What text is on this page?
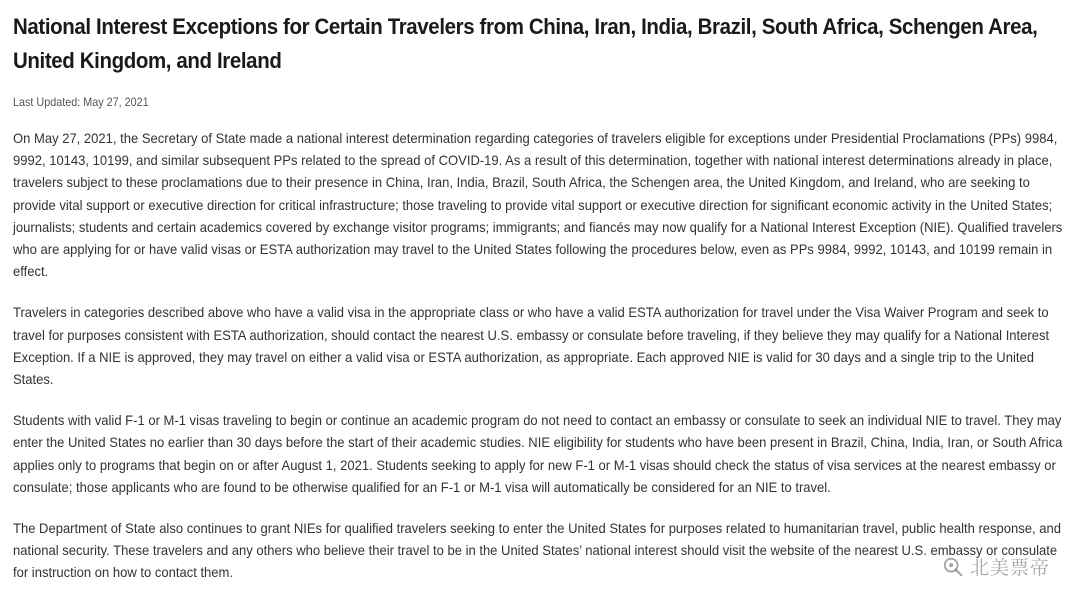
National Interest Exceptions for Certain Travelers from China, Iran, India, Brazil, South Africa, Schengen Area, United Kingdom, and Ireland
Last Updated: May 27, 2021

On May 27, 2021, the Secretary of State made a national interest determination regarding categories of travelers eligible for exceptions under Presidential Proclamations (PPs) 9984, 9992, 10143, 10199, and similar subsequent PPs related to the spread of COVID-19. As a result of this determination, together with national interest determinations already in place, travelers subject to these proclamations due to their presence in China, Iran, India, Brazil, South Africa, the Schengen area, the United Kingdom, and Ireland, who are seeking to provide vital support or executive direction for critical infrastructure; those traveling to provide vital support or executive direction for significant economic activity in the United States; journalists; students and certain academics covered by exchange visitor programs; immigrants; and fiancés may now qualify for a National Interest Exception (NIE). Qualified travelers who are applying for or have valid visas or ESTA authorization may travel to the United States following the procedures below, even as PPs 9984, 9992, 10143, and 10199 remain in effect.

Travelers in categories described above who have a valid visa in the appropriate class or who have a valid ESTA authorization for travel under the Visa Waiver Program and seek to travel for purposes consistent with ESTA authorization, should contact the nearest U.S. embassy or consulate before traveling, if they believe they may qualify for a National Interest Exception. If a NIE is approved, they may travel on either a valid visa or ESTA authorization, as appropriate. Each approved NIE is valid for 30 days and a single trip to the United States.

Students with valid F-1 or M-1 visas traveling to begin or continue an academic program do not need to contact an embassy or consulate to seek an individual NIE to travel. They may enter the United States no earlier than 30 days before the start of their academic studies. NIE eligibility for students who have been present in Brazil, China, India, Iran, or South Africa applies only to programs that begin on or after August 1, 2021. Students seeking to apply for new F-1 or M-1 visas should check the status of visa services at the nearest embassy or consulate; those applicants who are found to be otherwise qualified for an F-1 or M-1 visa will automatically be considered for an NIE to travel.

The Department of State also continues to grant NIEs for qualified travelers seeking to enter the United States for purposes related to humanitarian travel, public health response, and national security. These travelers and any others who believe their travel to be in the United States’ national interest should visit the website of the nearest U.S. embassy or consulate for instruction on how to contact them.	北美票帝
